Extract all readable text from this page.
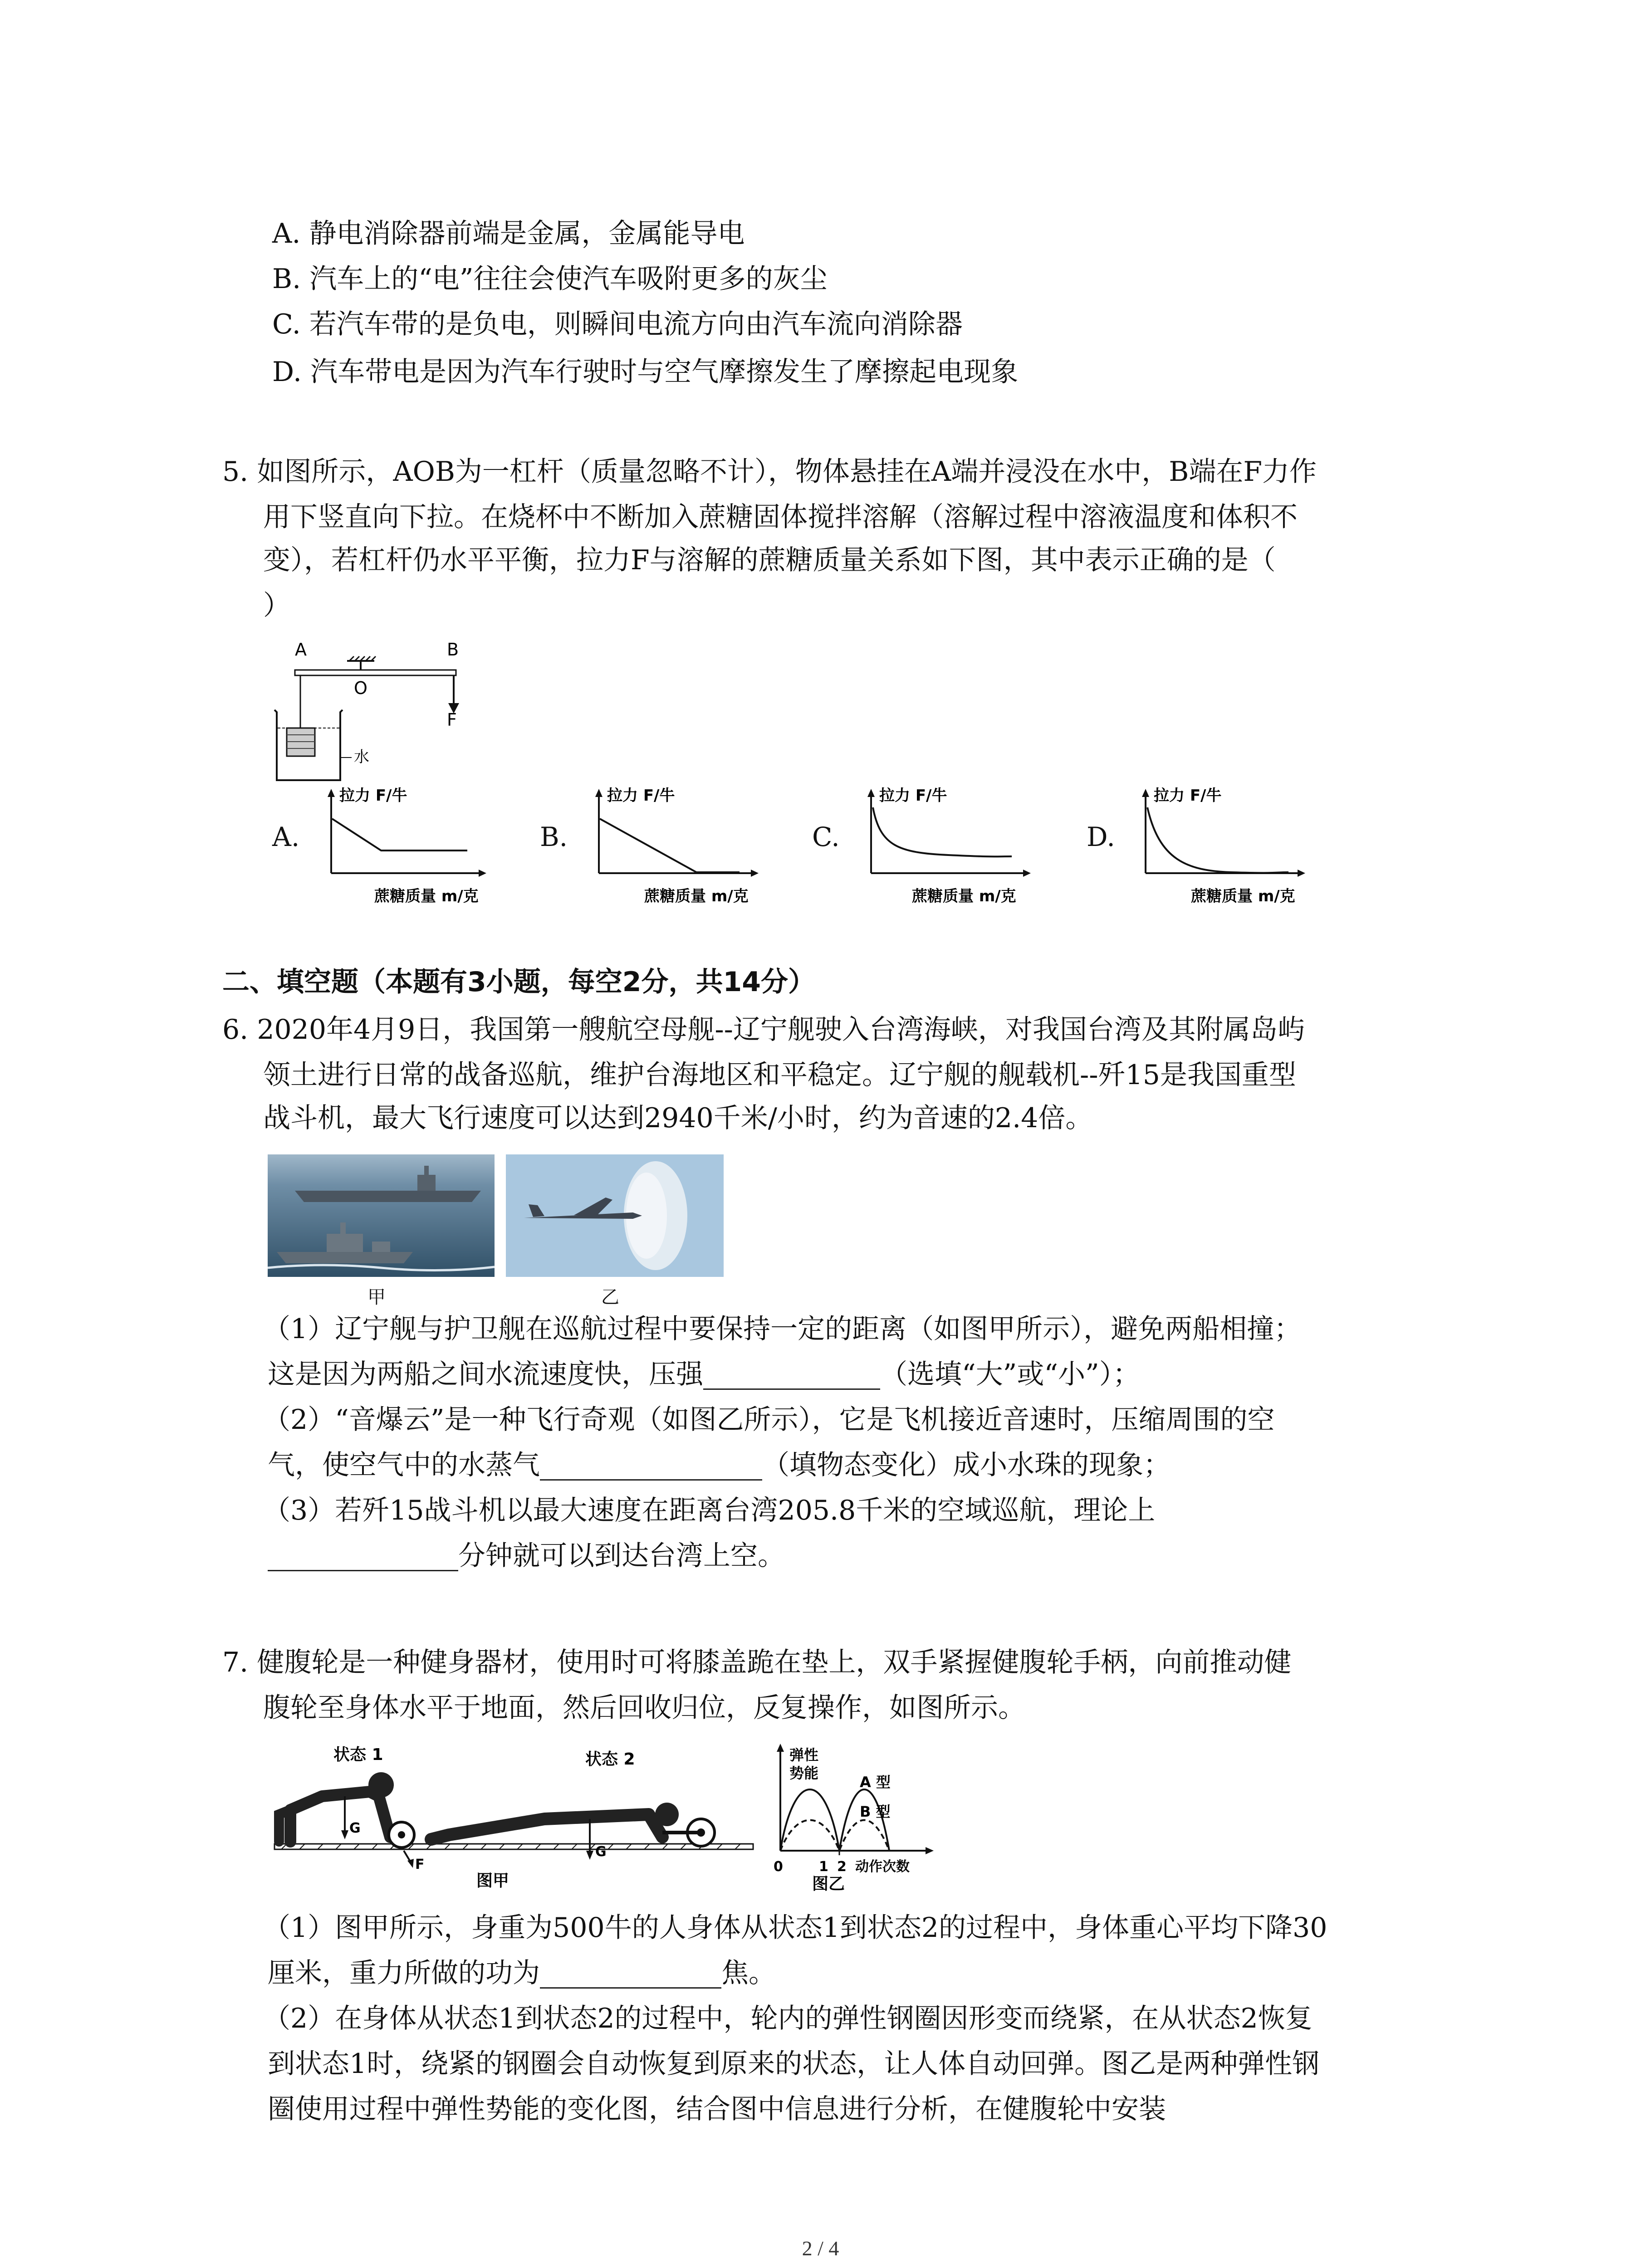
A. 静电消除器前端是金属，金属能导电
B. 汽车上的“电”往往会使汽车吸附更多的灰尘
C. 若汽车带的是负电，则瞬间电流方向由汽车流向消除器
D. 汽车带电是因为汽车行驶时与空气摩擦发生了摩擦起电现象
5. 如图所示，AOB为一杠杆（质量忽略不计），物体悬挂在A端并浸没在水中，B端在F力作
用下竖直向下拉。在烧杯中不断加入蔗糖固体搅拌溶解（溶解过程中溶液温度和体积不
变），若杠杆仍水平平衡，拉力F与溶解的蔗糖质量关系如下图，其中表示正确的是（
）
A
O
B
F
水
A.	B.	C.	D.
拉力 F/牛
蔗糖质量 m/克
拉力 F/牛
蔗糖质量 m/克
拉力 F/牛
蔗糖质量 m/克
拉力 F/牛
蔗糖质量 m/克
二、填空题（本题有3小题，每空2分，共14分）
6. 2020年4月9日，我国第一艘航空母舰--辽宁舰驶入台湾海峡，对我国台湾及其附属岛屿
领土进行日常的战备巡航，维护台海地区和平稳定。辽宁舰的舰载机--歼15是我国重型
战斗机，最大飞行速度可以达到2940千米/小时，约为音速的2.4倍。
甲	乙
（1）辽宁舰与护卫舰在巡航过程中要保持一定的距离（如图甲所示），避免两船相撞；
这是因为两船之间水流速度快，压强	（选填“大”或“小”）；
（2）“音爆云”是一种飞行奇观（如图乙所示），它是飞机接近音速时，压缩周围的空
气，使空气中的水蒸气	（填物态变化）成小水珠的现象；
（3）若歼15战斗机以最大速度在距离台湾205.8千米的空域巡航，理论上
分钟就可以到达台湾上空。
7. 健腹轮是一种健身器材，使用时可将膝盖跪在垫上，双手紧握健腹轮手柄，向前推动健
腹轮至身体水平于地面，然后回收归位，反复操作，如图所示。
状态 1
G
F
状态 2
G
图甲
弹性
势能
A 型
B 型
0	1 2 动作次数
图乙
（1）图甲所示，身重为500牛的人身体从状态1到状态2的过程中，身体重心平均下降30
厘米，重力所做的功为	焦。
（2）在身体从状态1到状态2的过程中，轮内的弹性钢圈因形变而绕紧，在从状态2恢复
到状态1时，绕紧的钢圈会自动恢复到原来的状态，让人体自动回弹。图乙是两种弹性钢
圈使用过程中弹性势能的变化图，结合图中信息进行分析，在健腹轮中安装
2 / 4
